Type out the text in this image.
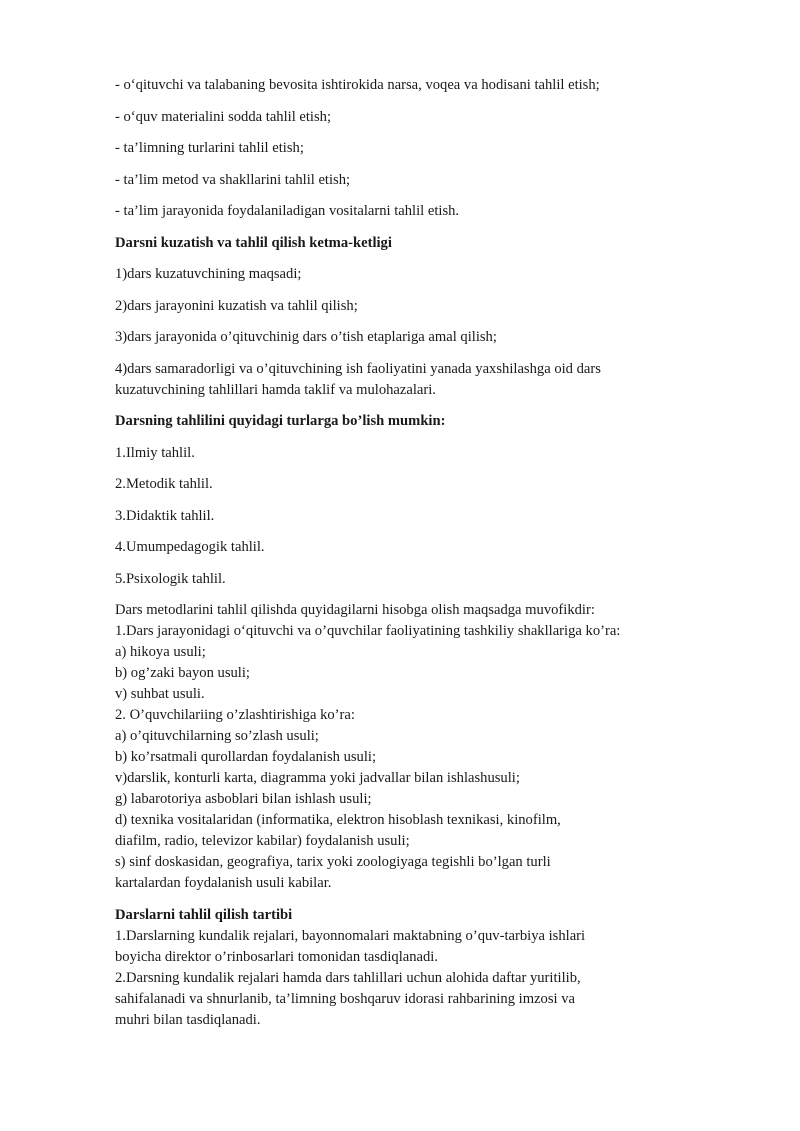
- o‘qituvchi va talabaning bevosita ishtirokida narsa, voqea va hodisani tahlil etish;

- o‘quv materialini sodda tahlil etish;

- ta’limning turlarini tahlil etish;

- ta’lim metod va shakllarini tahlil etish;

- ta’lim jarayonida foydalaniladigan vositalarni tahlil etish.

Darsni kuzatish va tahlil qilish ketma-ketligi

1)dars kuzatuvchining maqsadi;

2)dars jarayonini kuzatish va tahlil qilish;

3)dars jarayonida o’qituvchinig dars o’tish etaplariga amal qilish;

4)dars samaradorligi va o’qituvchining ish faoliyatini yanada yaxshilashga oid dars

kuzatuvchining tahlillari hamda taklif va mulohazalari.

Darsning tahlilini quyidagi turlarga bo’lish mumkin:

1.Ilmiy tahlil.

2.Metodik tahlil.

3.Didaktik tahlil.

4.Umumpedagogik tahlil.

5.Psixologik tahlil.

Dars metodlarini tahlil qilishda quyidagilarni hisobga olish maqsadga muvofikdir:

1.Dars jarayonidagi o‘qituvchi va o’quvchilar faoliyatining tashkiliy shakllariga ko’ra:

a) hikoya usuli;

b) og’zaki bayon usuli;

v) suhbat usuli.

2. O’quvchilariing o’zlashtirishiga ko’ra:

a) o’qituvchilarning so’zlash usuli;

b) ko’rsatmali qurollardan foydalanish usuli;

v)darslik, konturli karta, diagramma yoki jadvallar bilan ishlashusuli;

g) labarotoriya asboblari bilan ishlash usuli;

d) texnika vositalaridan (informatika, elektron hisoblash texnikasi, kinofilm,

diafilm, radio, televizor kabilar) foydalanish usuli;

s) sinf doskasidan, geografiya, tarix yoki zoologiyaga tegishli bo’lgan turli

kartalardan foydalanish usuli kabilar.

Darslarni tahlil qilish tartibi

1.Darslarning kundalik rejalari, bayonnomalari maktabning o’quv-tarbiya ishlari

boyicha direktor o’rinbosarlari tomonidan tasdiqlanadi.

2.Darsning kundalik rejalari hamda dars tahlillari uchun alohida daftar yuritilib,

sahifalanadi va shnurlanib, ta’limning boshqaruv idorasi rahbarining imzosi va

muhri bilan tasdiqlanadi.
